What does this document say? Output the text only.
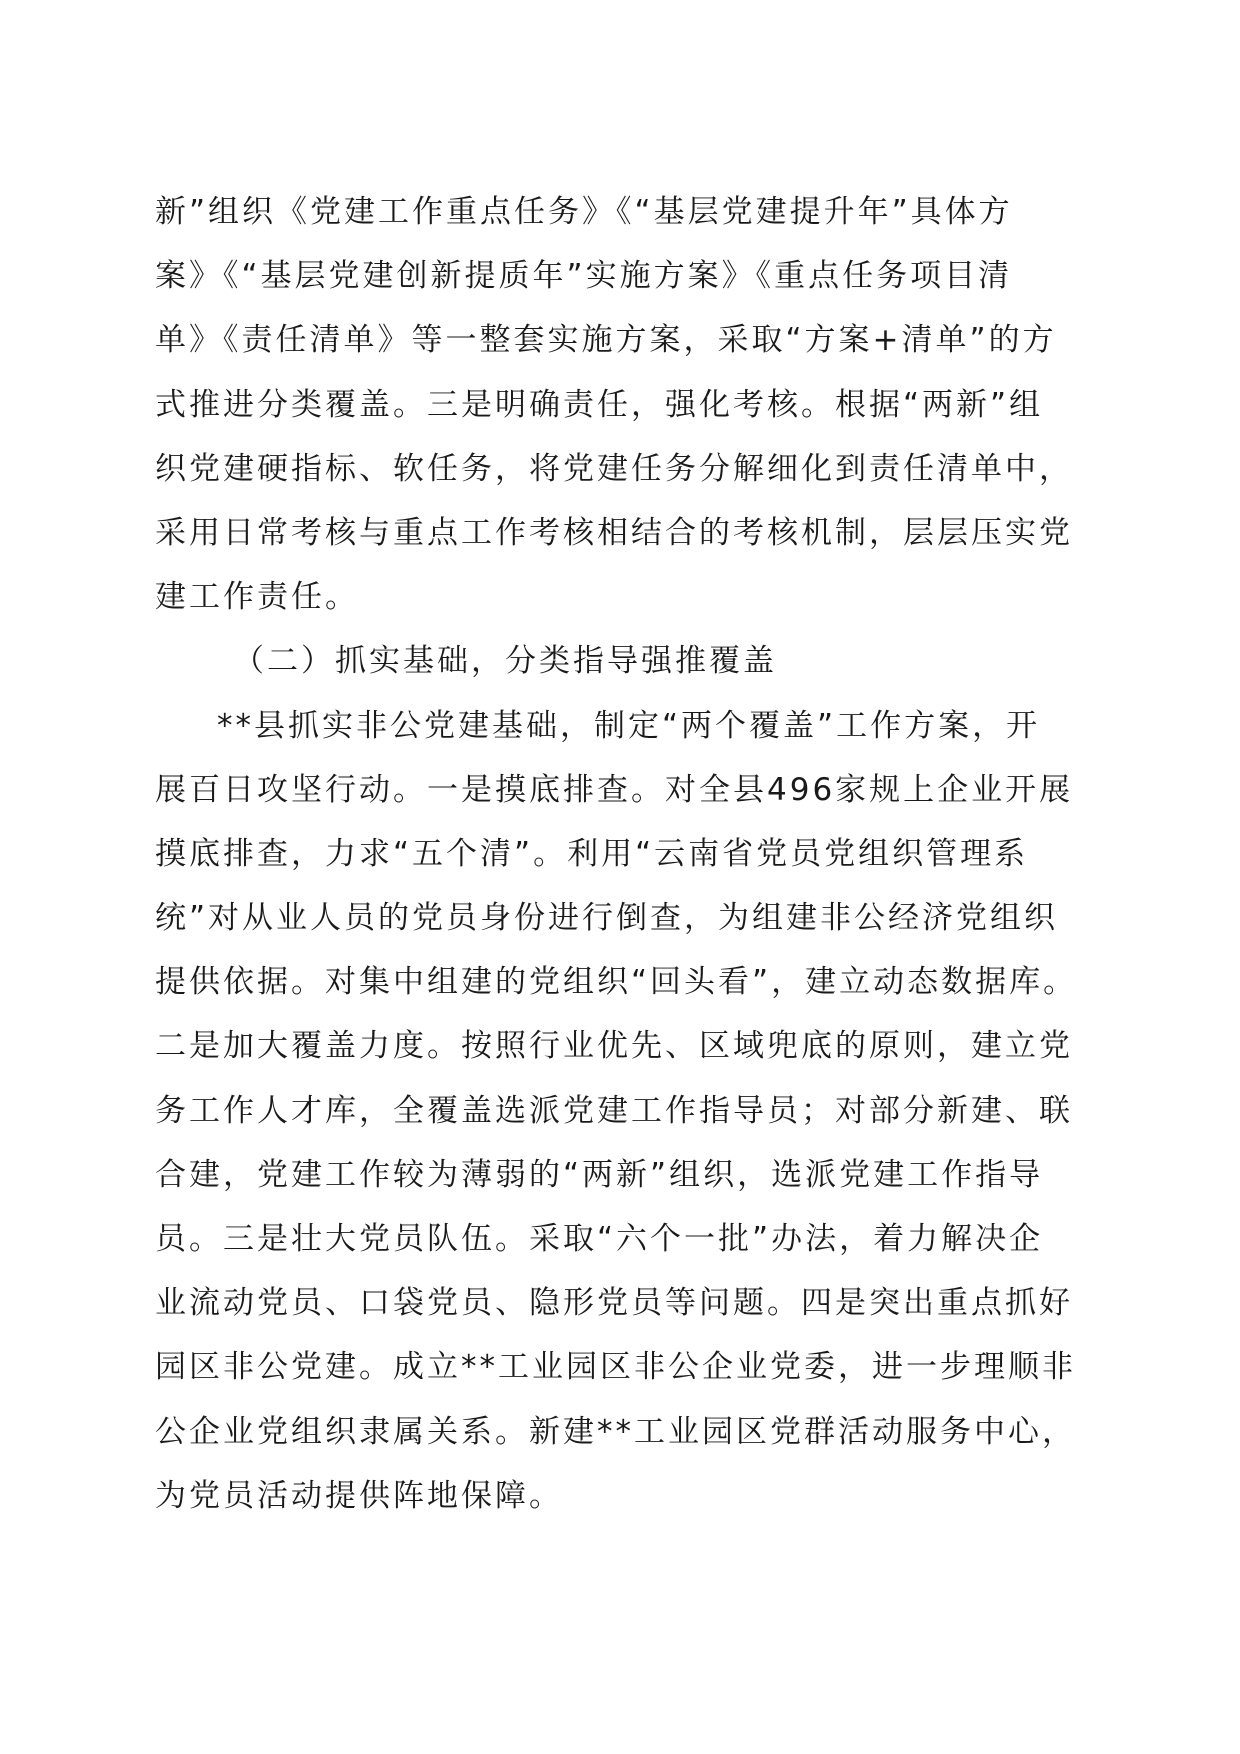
新”组织《党建工作重点任务》《“基层党建提升年”具体方
案》《“基层党建创新提质年”实施方案》《重点任务项目清
单》《责任清单》等一整套实施方案，采取“方案+清单”的方
式推进分类覆盖。三是明确责任，强化考核。根据“两新”组
织党建硬指标、软任务，将党建任务分解细化到责任清单中，
采用日常考核与重点工作考核相结合的考核机制，层层压实党
建工作责任。
（二）抓实基础，分类指导强推覆盖
**县抓实非公党建基础，制定“两个覆盖”工作方案，开
展百日攻坚行动。一是摸底排查。对全县496家规上企业开展
摸底排查，力求“五个清”。利用“云南省党员党组织管理系
统”对从业人员的党员身份进行倒查，为组建非公经济党组织
提供依据。对集中组建的党组织“回头看”，建立动态数据库。
二是加大覆盖力度。按照行业优先、区域兜底的原则，建立党
务工作人才库，全覆盖选派党建工作指导员；对部分新建、联
合建，党建工作较为薄弱的“两新”组织，选派党建工作指导
员。三是壮大党员队伍。采取“六个一批”办法，着力解决企
业流动党员、口袋党员、隐形党员等问题。四是突出重点抓好
园区非公党建。成立**工业园区非公企业党委，进一步理顺非
公企业党组织隶属关系。新建**工业园区党群活动服务中心，
为党员活动提供阵地保障。
